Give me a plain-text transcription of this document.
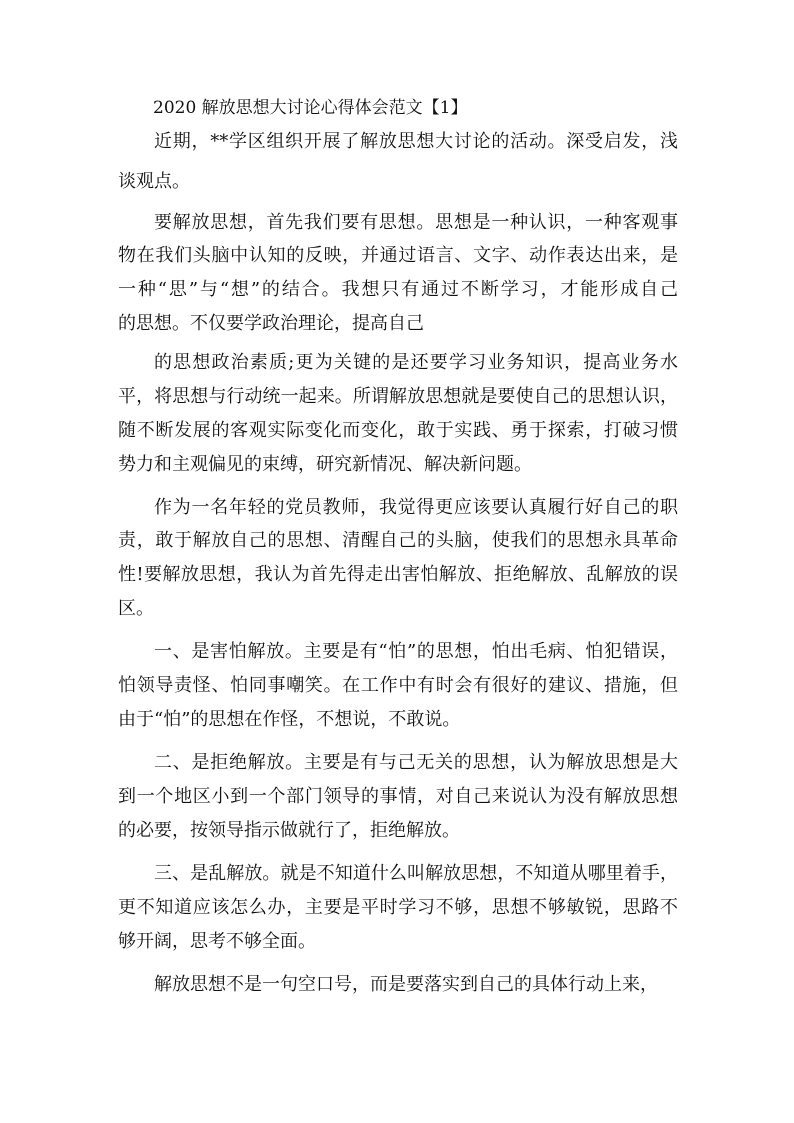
2020 解放思想大讨论心得体会范文【1】

近期，**学区组织开展了解放思想大讨论的活动。深受启发，浅

谈观点。

要解放思想，首先我们要有思想。思想是一种认识，一种客观事

物在我们头脑中认知的反映，并通过语言、文字、动作表达出来，是

一种“思”与“想”的结合。我想只有通过不断学习，才能形成自己

的思想。不仅要学政治理论，提高自己

的思想政治素质;更为关键的是还要学习业务知识，提高业务水

平，将思想与行动统一起来。所谓解放思想就是要使自己的思想认识，

随不断发展的客观实际变化而变化，敢于实践、勇于探索，打破习惯

势力和主观偏见的束缚，研究新情况、解决新问题。

作为一名年轻的党员教师，我觉得更应该要认真履行好自己的职

责，敢于解放自己的思想、清醒自己的头脑，使我们的思想永具革命

性!要解放思想，我认为首先得走出害怕解放、拒绝解放、乱解放的误

区。

一、是害怕解放。主要是有“怕”的思想，怕出毛病、怕犯错误，

怕领导责怪、怕同事嘲笑。在工作中有时会有很好的建议、措施，但

由于“怕”的思想在作怪，不想说，不敢说。

二、是拒绝解放。主要是有与己无关的思想，认为解放思想是大

到一个地区小到一个部门领导的事情，对自己来说认为没有解放思想

的必要，按领导指示做就行了，拒绝解放。

三、是乱解放。就是不知道什么叫解放思想，不知道从哪里着手，

更不知道应该怎么办，主要是平时学习不够，思想不够敏锐，思路不

够开阔，思考不够全面。

解放思想不是一句空口号，而是要落实到自己的具体行动上来，
